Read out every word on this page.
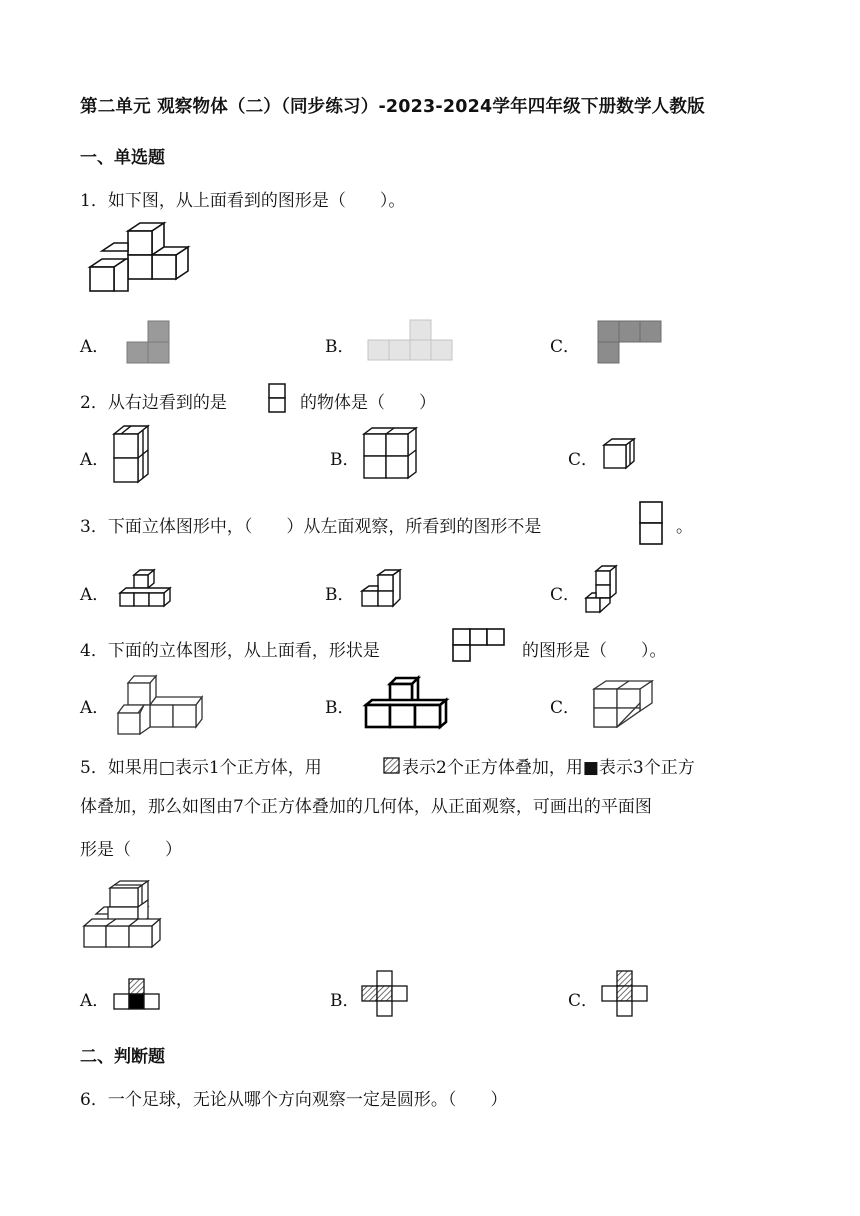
第二单元 观察物体（二）（同步练习）-2023-2024学年四年级下册数学人教版
一、单选题
1．如下图，从上面看到的图形是（　　）。
A．	B．	C．
2．从右边看到的是	的物体是（　　）
A．	B．	C．
3．下面立体图形中，（　　）从左面观察，所看到的图形不是	。
A．	B．	C．
4．下面的立体图形，从上面看，形状是	的图形是（　　）。
A．	B．	C．
5．如果用□表示1个正方体，用	表示2个正方体叠加，用■表示3个正方
体叠加，那么如图由7个正方体叠加的几何体，从正面观察，可画出的平面图
形是（　　）
A．	B．	C．
二、判断题
6．一个足球，无论从哪个方向观察一定是圆形。（　　）
